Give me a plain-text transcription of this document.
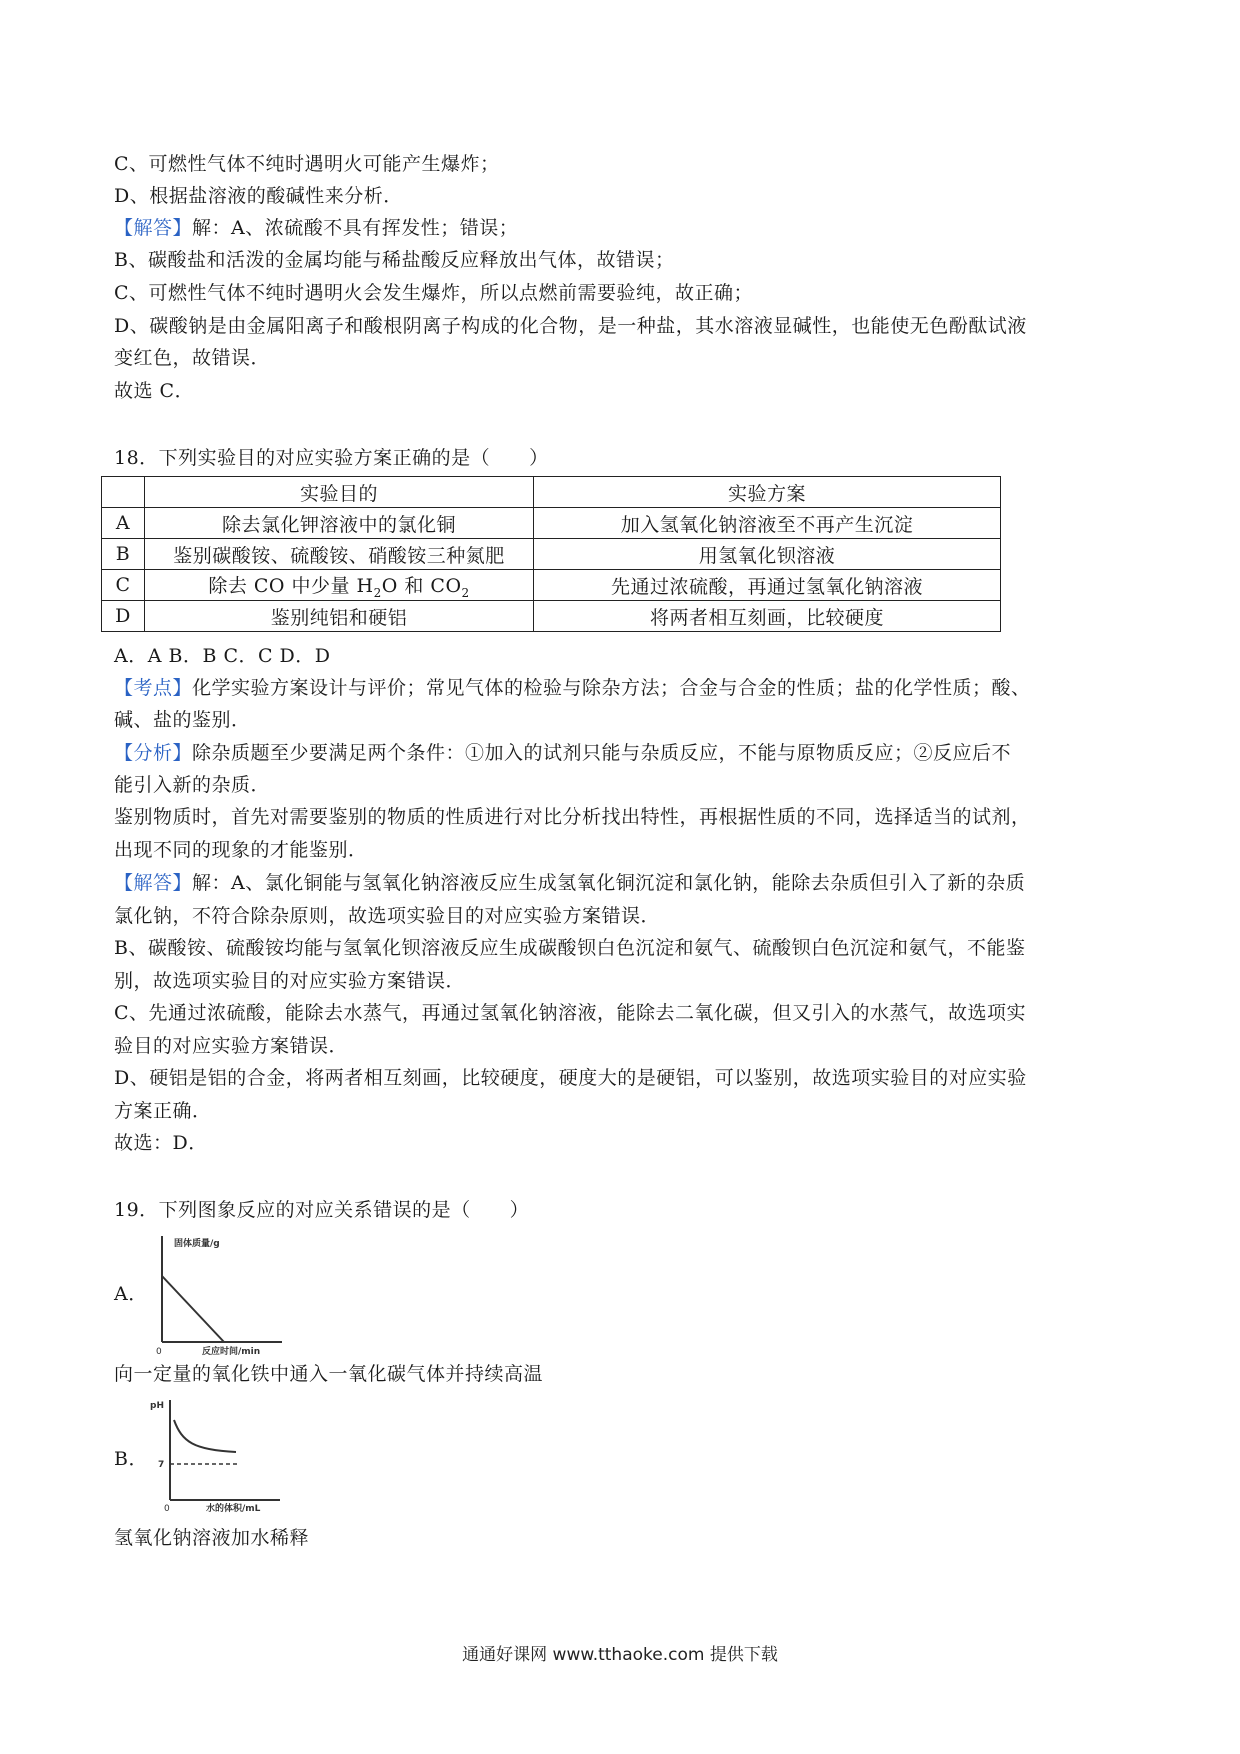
C、可燃性气体不纯时遇明火可能产生爆炸；
D、根据盐溶液的酸碱性来分析．
【解答】解：A、浓硫酸不具有挥发性；错误；
B、碳酸盐和活泼的金属均能与稀盐酸反应释放出气体，故错误；
C、可燃性气体不纯时遇明火会发生爆炸，所以点燃前需要验纯，故正确；
D、碳酸钠是由金属阳离子和酸根阴离子构成的化合物，是一种盐，其水溶液显碱性，也能使无色酚酞试液
变红色，故错误．
故选 C．
18．下列实验目的对应实验方案正确的是（　　）
	实验目的	实验方案
A	除去氯化钾溶液中的氯化铜	加入氢氧化钠溶液至不再产生沉淀
B	鉴别碳酸铵、硫酸铵、硝酸铵三种氮肥	用氢氧化钡溶液
C	除去 CO 中少量 $H_2O$ 和 $CO_2$	先通过浓硫酸，再通过氢氧化钠溶液
D	鉴别纯铝和硬铝	将两者相互刻画，比较硬度
A．A B．B C．C D．D
【考点】化学实验方案设计与评价；常见气体的检验与除杂方法；合金与合金的性质；盐的化学性质；酸、
碱、盐的鉴别．
【分析】除杂质题至少要满足两个条件：①加入的试剂只能与杂质反应，不能与原物质反应；②反应后不
能引入新的杂质．
鉴别物质时，首先对需要鉴别的物质的性质进行对比分析找出特性，再根据性质的不同，选择适当的试剂，
出现不同的现象的才能鉴别．
【解答】解：A、氯化铜能与氢氧化钠溶液反应生成氢氧化铜沉淀和氯化钠，能除去杂质但引入了新的杂质
氯化钠，不符合除杂原则，故选项实验目的对应实验方案错误．
B、碳酸铵、硫酸铵均能与氢氧化钡溶液反应生成碳酸钡白色沉淀和氨气、硫酸钡白色沉淀和氨气，不能鉴
别，故选项实验目的对应实验方案错误．
C、先通过浓硫酸，能除去水蒸气，再通过氢氧化钠溶液，能除去二氧化碳，但又引入的水蒸气，故选项实
验目的对应实验方案错误．
D、硬铝是铝的合金，将两者相互刻画，比较硬度，硬度大的是硬铝，可以鉴别，故选项实验目的对应实验
方案正确．
故选：D．
19．下列图象反应的对应关系错误的是（　　）
A．
固体质量/g
0	反应时间/min
向一定量的氧化铁中通入一氧化碳气体并持续高温
B．
pH
7
0	水的体积/mL
氢氧化钠溶液加水稀释
通通好课网 www.tthaoke.com 提供下载
